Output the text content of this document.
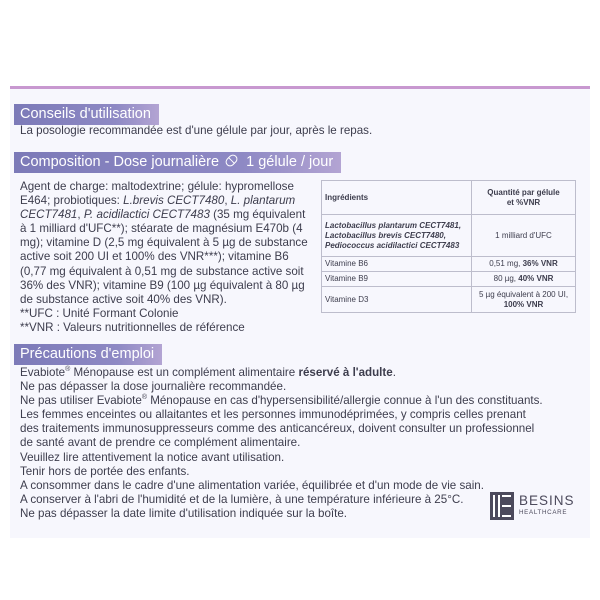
Conseils d'utilisation
La posologie recommandée est d'une gélule par jour, après le repas.
Composition - Dose journalière 1 gélule / jour
Agent de charge: maltodextrine; gélule: hypromellose
E464; probiotiques: L.brevis CECT7480, L. plantarum
CECT7481, P. acidilactici CECT7483 (35 mg équivalent
à 1 milliard d'UFC**); stéarate de magnésium E470b (4
mg); vitamine D (2,5 mg équivalent à 5 µg de substance
active soit 200 UI et 100% des VNR***); vitamine B6
(0,77 mg équivalent à 0,51 mg de substance active soit
36% des VNR); vitamine B9 (100 µg équivalent à 80 µg
de substance active soit 40% des VNR).
**UFC : Unité Formant Colonie
**VNR : Valeurs nutritionnelles de référence
Ingrédients	Quantité par gélule
et %VNR
Lactobacillus plantarum CECT7481,
Lactobacillus brevis CECT7480,
Pediococcus acidilactici CECT7483	1 milliard d'UFC
Vitamine B6	0,51 mg, 36% VNR
Vitamine B9	80 µg, 40% VNR
Vitamine D3	5 µg équivalent à 200 UI,
100% VNR
Précautions d'emploi
Evabiote® Ménopause est un complément alimentaire réservé à l'adulte.
Ne pas dépasser la dose journalière recommandée.
Ne pas utiliser Evabiote® Ménopause en cas d'hypersensibilité/allergie connue à l'un des constituants.
Les femmes enceintes ou allaitantes et les personnes immunodéprimées, y compris celles prenant
des traitements immunosuppresseurs comme des anticancéreux, doivent consulter un professionnel
de santé avant de prendre ce complément alimentaire.
Veuillez lire attentivement la notice avant utilisation.
Tenir hors de portée des enfants.
A consommer dans le cadre d'une alimentation variée, équilibrée et d'un mode de vie sain.
A conserver à l'abri de l'humidité et de la lumière, à une température inférieure à 25°C.
Ne pas dépasser la date limite d'utilisation indiquée sur la boîte.
BESINS
HEALTHCARE
